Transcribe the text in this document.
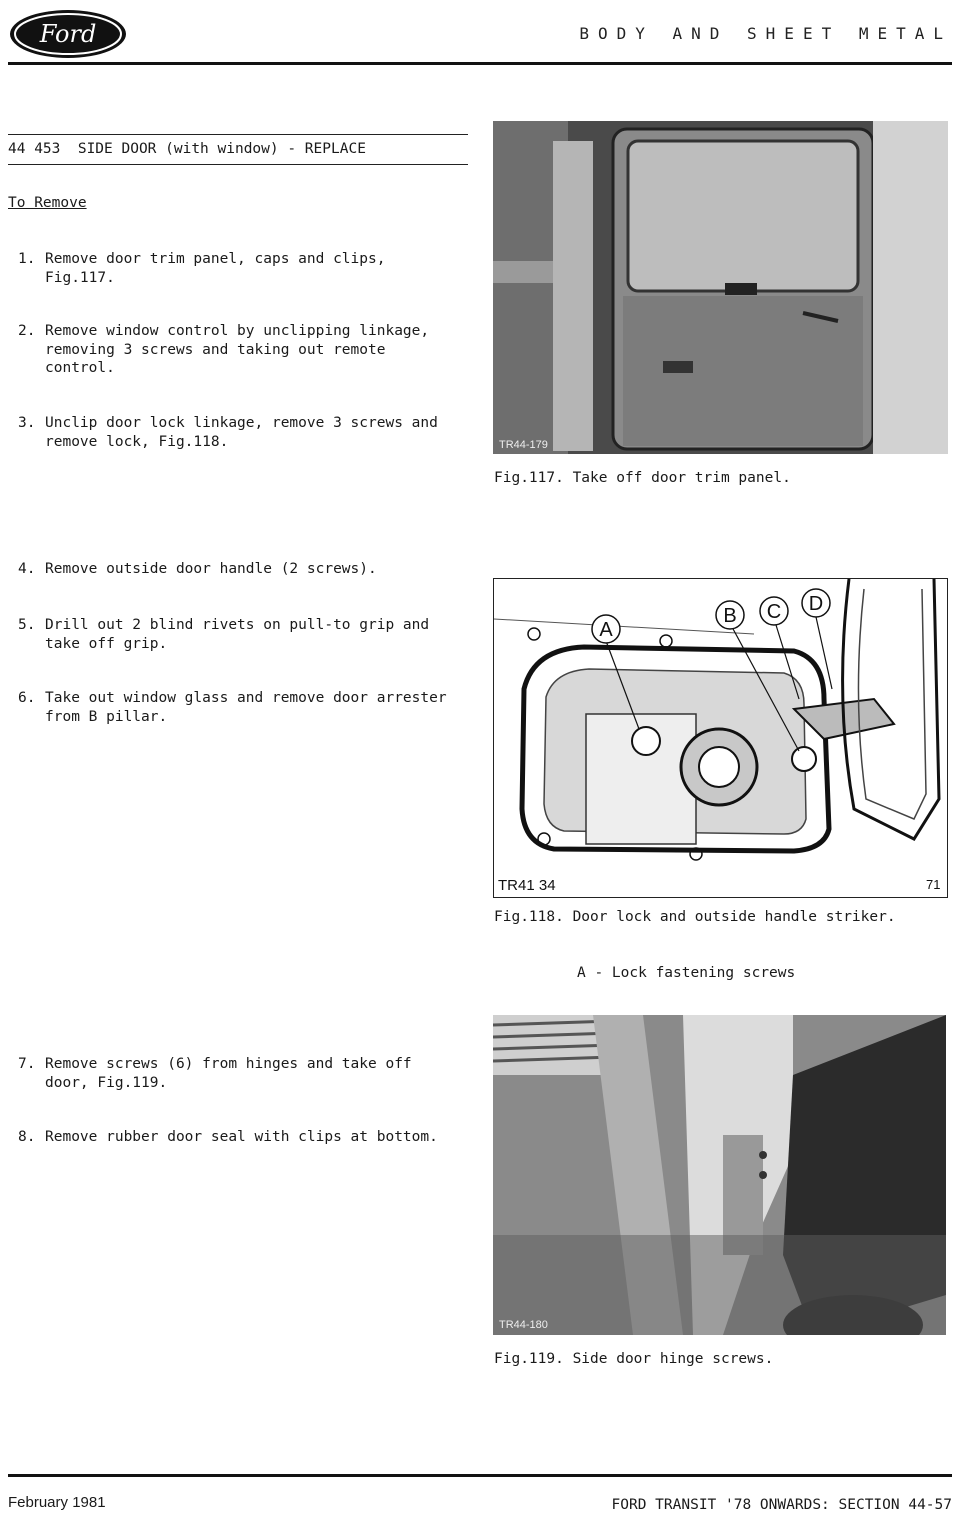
Ford	BODY AND SHEET METAL
44 453  SIDE DOOR (with window) - REPLACE
To Remove

1.

Remove door trim panel, caps and clips,
Fig.117.

2.

Remove window control by unclipping linkage,
removing 3 screws and taking out remote
control.

3.

Unclip door lock linkage, remove 3 screws and
remove lock, Fig.118.

4.

Remove outside door handle (2 screws).

5.

Drill out 2 blind rivets on pull-to grip and
take off grip.

6.

Take out window glass and remove door arrester
from B pillar.

7.

Remove screws (6) from hinges and take off
door, Fig.119.

8.

Remove rubber door seal with clips at bottom.

TR44-179
Fig.117. Take off door trim panel.
A
B C D
TR41 34	71
Fig.118. Door lock and outside handle striker.

A - Lock fastening screws

TR44-180
Fig.119. Side door hinge screws.
February 1981	FORD TRANSIT '78 ONWARDS: SECTION 44-57
